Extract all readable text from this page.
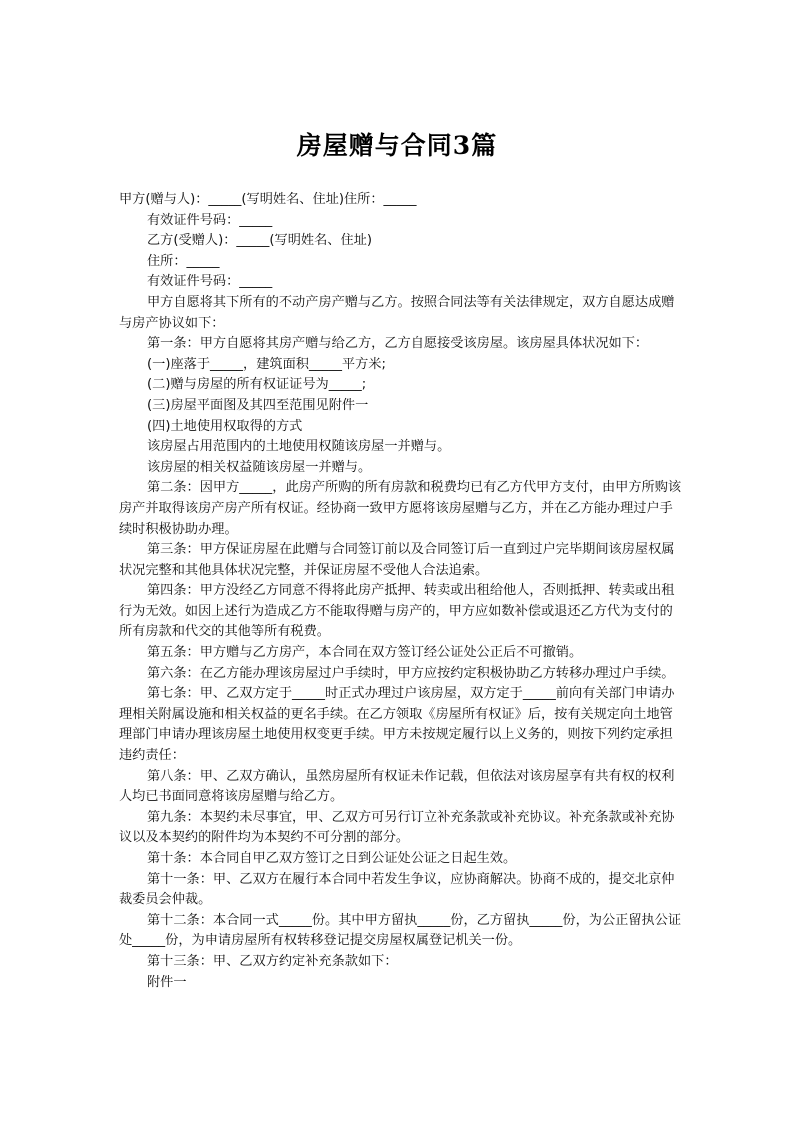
房屋赠与合同3篇

甲方(赠与人)：_____(写明姓名、住址)住所：_____

有效证件号码：_____

乙方(受赠人)：_____(写明姓名、住址)

住所：_____

有效证件号码：_____

甲方自愿将其下所有的不动产房产赠与乙方。按照合同法等有关法律规定，双方自愿达成赠与房产协议如下：

第一条：甲方自愿将其房产赠与给乙方，乙方自愿接受该房屋。该房屋具体状况如下：

(一)座落于_____，建筑面积_____平方米;

(二)赠与房屋的所有权证证号为_____;

(三)房屋平面图及其四至范围见附件一

(四)土地使用权取得的方式

该房屋占用范围内的土地使用权随该房屋一并赠与。

该房屋的相关权益随该房屋一并赠与。

第二条：因甲方_____，此房产所购的所有房款和税费均已有乙方代甲方支付，由甲方所购该房产并取得该房产房产所有权证。经协商一致甲方愿将该房屋赠与乙方，并在乙方能办理过户手续时积极协助办理。

第三条：甲方保证房屋在此赠与合同签订前以及合同签订后一直到过户完毕期间该房屋权属状况完整和其他具体状况完整，并保证房屋不受他人合法追索。

第四条：甲方没经乙方同意不得将此房产抵押、转卖或出租给他人，否则抵押、转卖或出租行为无效。如因上述行为造成乙方不能取得赠与房产的，甲方应如数补偿或退还乙方代为支付的所有房款和代交的其他等所有税费。

第五条：甲方赠与乙方房产，本合同在双方签订经公证处公正后不可撤销。

第六条：在乙方能办理该房屋过户手续时，甲方应按约定积极协助乙方转移办理过户手续。

第七条：甲、乙双方定于_____时正式办理过户该房屋，双方定于_____前向有关部门申请办理相关附属设施和相关权益的更名手续。在乙方领取《房屋所有权证》后，按有关规定向土地管理部门申请办理该房屋土地使用权变更手续。甲方未按规定履行以上义务的，则按下列约定承担违约责任：

第八条：甲、乙双方确认，虽然房屋所有权证未作记载，但依法对该房屋享有共有权的权利人均已书面同意将该房屋赠与给乙方。

第九条：本契约未尽事宜，甲、乙双方可另行订立补充条款或补充协议。补充条款或补充协议以及本契约的附件均为本契约不可分割的部分。

第十条：本合同自甲乙双方签订之日到公证处公证之日起生效。

第十一条：甲、乙双方在履行本合同中若发生争议，应协商解决。协商不成的，提交北京仲裁委员会仲裁。

第十二条：本合同一式_____份。其中甲方留执_____份，乙方留执_____份，为公正留执公证处_____份，为申请房屋所有权转移登记提交房屋权属登记机关一份。

第十三条：甲、乙双方约定补充条款如下：

附件一
